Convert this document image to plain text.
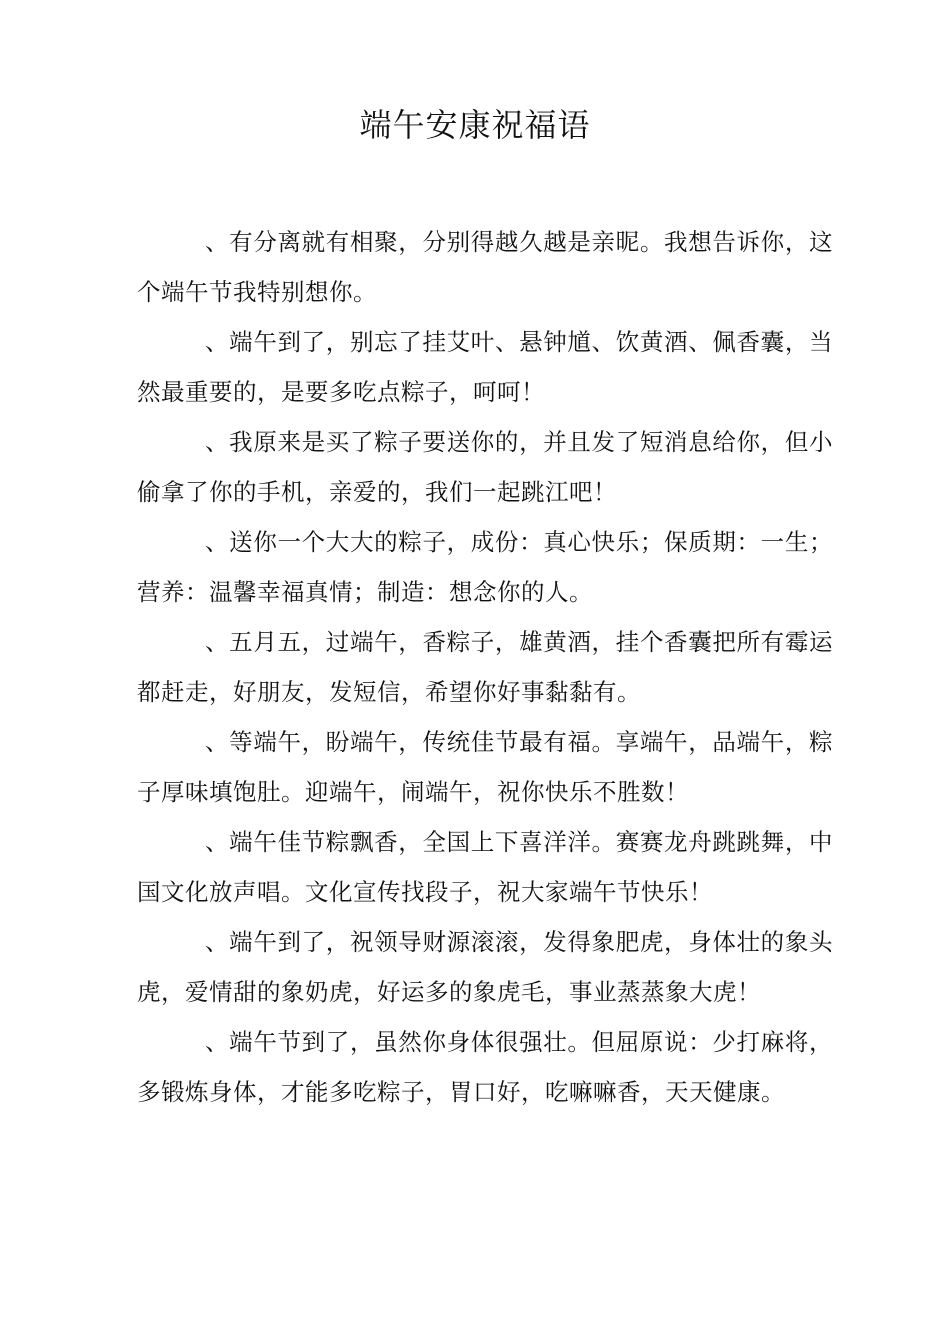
端午安康祝福语

、有分离就有相聚，分别得越久越是亲昵。我想告诉你，这个端午节我特别想你。

、端午到了，别忘了挂艾叶、悬钟馗、饮黄酒、佩香囊，当然最重要的，是要多吃点粽子，呵呵！

、我原来是买了粽子要送你的，并且发了短消息给你，但小偷拿了你的手机，亲爱的，我们一起跳江吧！

、送你一个大大的粽子，成份：真心快乐；保质期：一生；营养：温馨幸福真情；制造：想念你的人。

、五月五，过端午，香粽子，雄黄酒，挂个香囊把所有霉运都赶走，好朋友，发短信，希望你好事黏黏有。

、等端午，盼端午，传统佳节最有福。享端午，品端午，粽子厚味填饱肚。迎端午，闹端午，祝你快乐不胜数！

、端午佳节粽飘香，全国上下喜洋洋。赛赛龙舟跳跳舞，中国文化放声唱。文化宣传找段子，祝大家端午节快乐！

、端午到了，祝领导财源滚滚，发得象肥虎，身体壮的象头虎，爱情甜的象奶虎，好运多的象虎毛，事业蒸蒸象大虎！

、端午节到了，虽然你身体很强壮。但屈原说：少打麻将，多锻炼身体，才能多吃粽子，胃口好，吃嘛嘛香，天天健康。
